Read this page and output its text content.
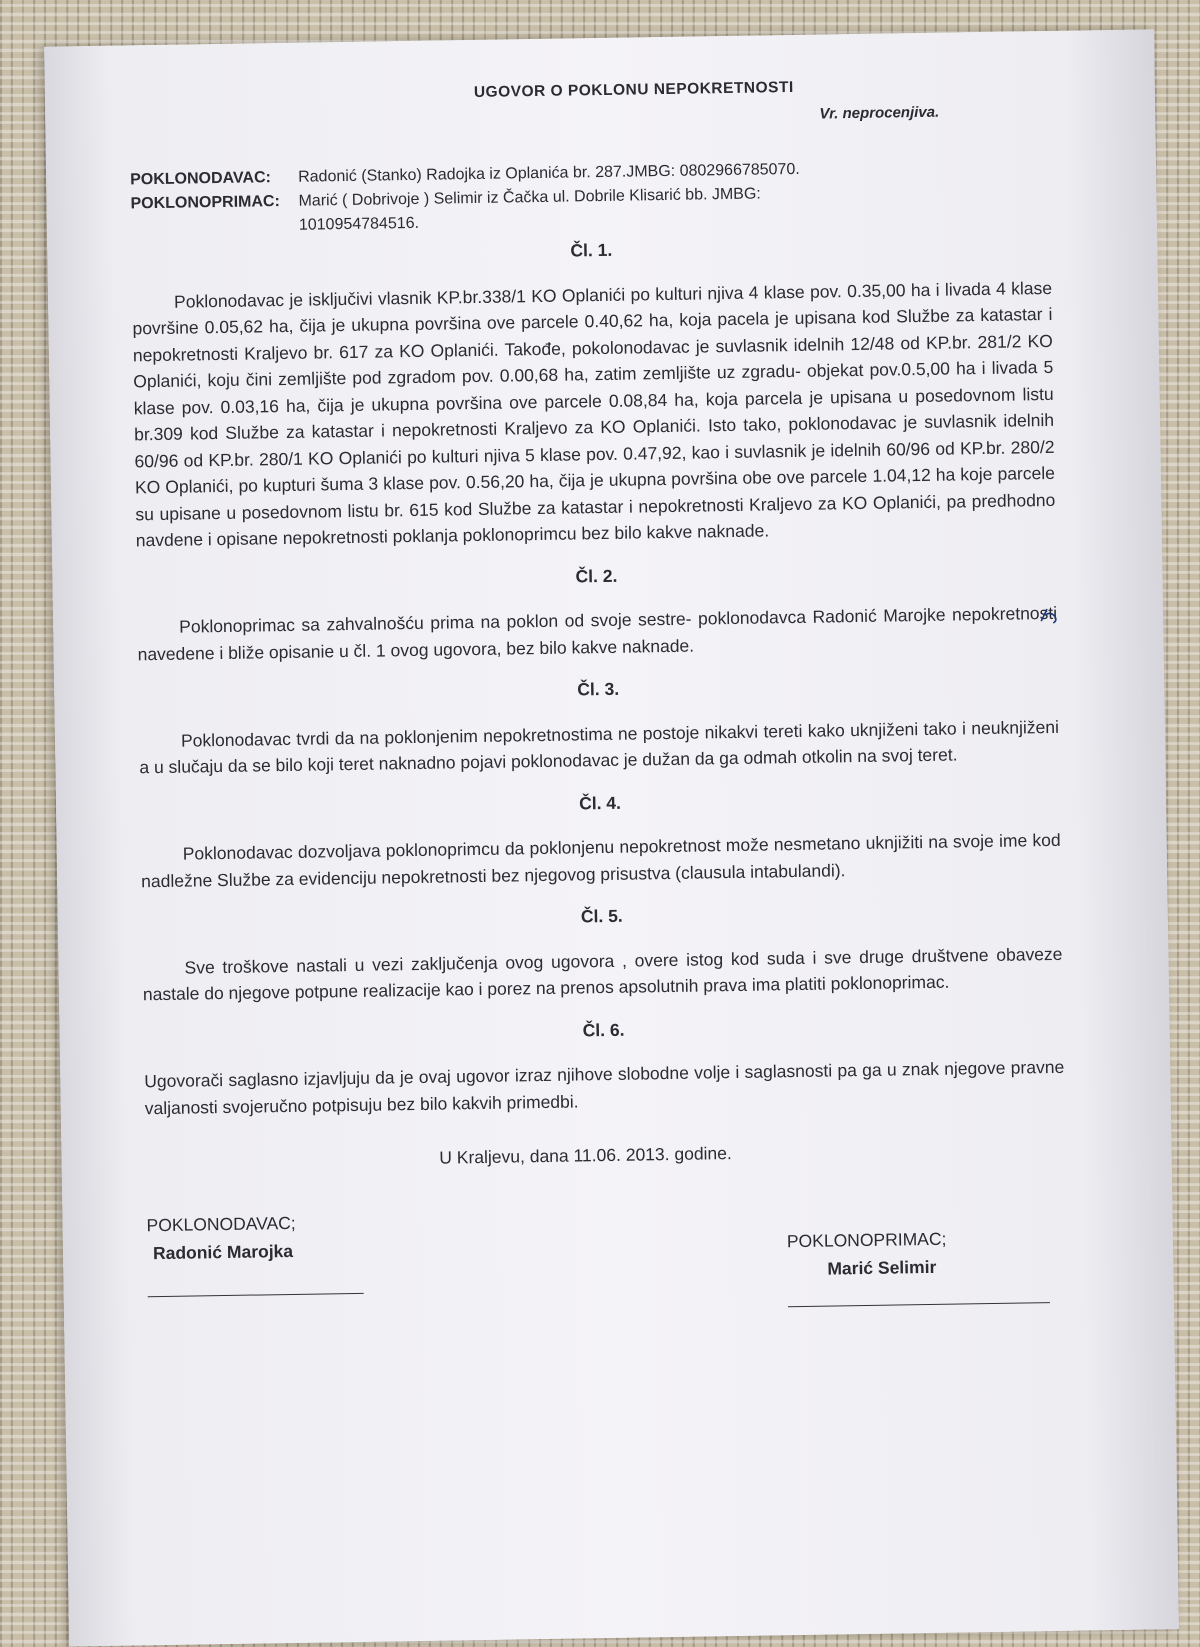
UGOVOR O POKLONU NEPOKRETNOSTI

Vr. neprocenjiva.

POKLONODAVAC:	Radonić (Stanko) Radojka iz Oplanića br. 287.JMBG: 0802966785070.
POKLONOPRIMAC:	Marić ( Dobrivoje ) Selimir iz Čačka ul. Dobrile Klisarić bb. JMBG:

1010954784516.

Čl. 1.

Poklonodavac je isključivi vlasnik KP.br.338/1 KO Oplanići po kulturi njiva 4 klase pov. 0.35,00 ha i livada 4 klase površine 0.05,62 ha, čija je ukupna površina ove parcele 0.40,62 ha, koja pacela je upisana kod Službe za katastar i nepokretnosti Kraljevo br. 617 za KO Oplanići. Takođe, pokolonodavac je suvlasnik idelnih 12/48 od KP.br. 281/2 KO Oplanići, koju čini zemljište pod zgradom pov. 0.00,68 ha, zatim zemljište uz zgradu- objekat pov.0.5,00 ha i livada 5 klase pov. 0.03,16 ha, čija je ukupna površina ove parcele 0.08,84 ha, koja parcela je upisana u posedovnom listu br.309 kod Službe za katastar i nepokretnosti Kraljevo za KO Oplanići. Isto tako, poklonodavac je suvlasnik idelnih 60/96 od KP.br. 280/1 KO Oplanići po kulturi njiva 5 klase pov. 0.47,92, kao i suvlasnik je idelnih 60/96 od KP.br. 280/2 KO Oplanići, po kupturi šuma 3 klase pov. 0.56,20 ha, čija je ukupna površina obe ove parcele 1.04,12 ha koje parcele su upisane u posedovnom listu br. 615 kod Službe za katastar i nepokretnosti Kraljevo za KO Oplanići, pa predhodno navdene i opisane nepokretnosti poklanja poklonoprimcu bez bilo kakve naknade.

Čl. 2.

Poklonoprimac sa zahvalnošću prima na poklon od svoje sestre- poklonodavca Radonić Marojke nepokretnosti navedene i bliže opisanie u čl. 1 ovog ugovora, bez bilo kakve naknade.

Čl. 3.

Poklonodavac tvrdi da na poklonjenim nepokretnostima ne postoje nikakvi tereti kako uknjiženi tako i neuknjiženi a u slučaju da se bilo koji teret naknadno pojavi poklonodavac je dužan da ga odmah otkolin na svoj teret.

Čl. 4.

Poklonodavac dozvoljava poklonoprimcu da poklonjenu nepokretnost može nesmetano uknjižiti na svoje ime kod nadležne Službe za evidenciju nepokretnosti bez njegovog prisustva (clausula intabulandi).

Čl. 5.

Sve troškove nastali u vezi zaključenja ovog ugovora , overe istog kod suda i sve druge društvene obaveze nastale do njegove potpune realizacije kao i porez na prenos apsolutnih prava ima platiti poklonoprimac.

Čl. 6.

Ugovorači saglasno izjavljuju da je ovaj ugovor izraz njihove slobodne volje i saglasnosti pa ga u znak njegove pravne valjanosti svojeručno potpisuju bez bilo kakvih primedbi.

U Kraljevu, dana 11.06. 2013. godine.

POKLONODAVAC;

Radonić Marojka

POKLONOPRIMAC;

Marić Selimir
